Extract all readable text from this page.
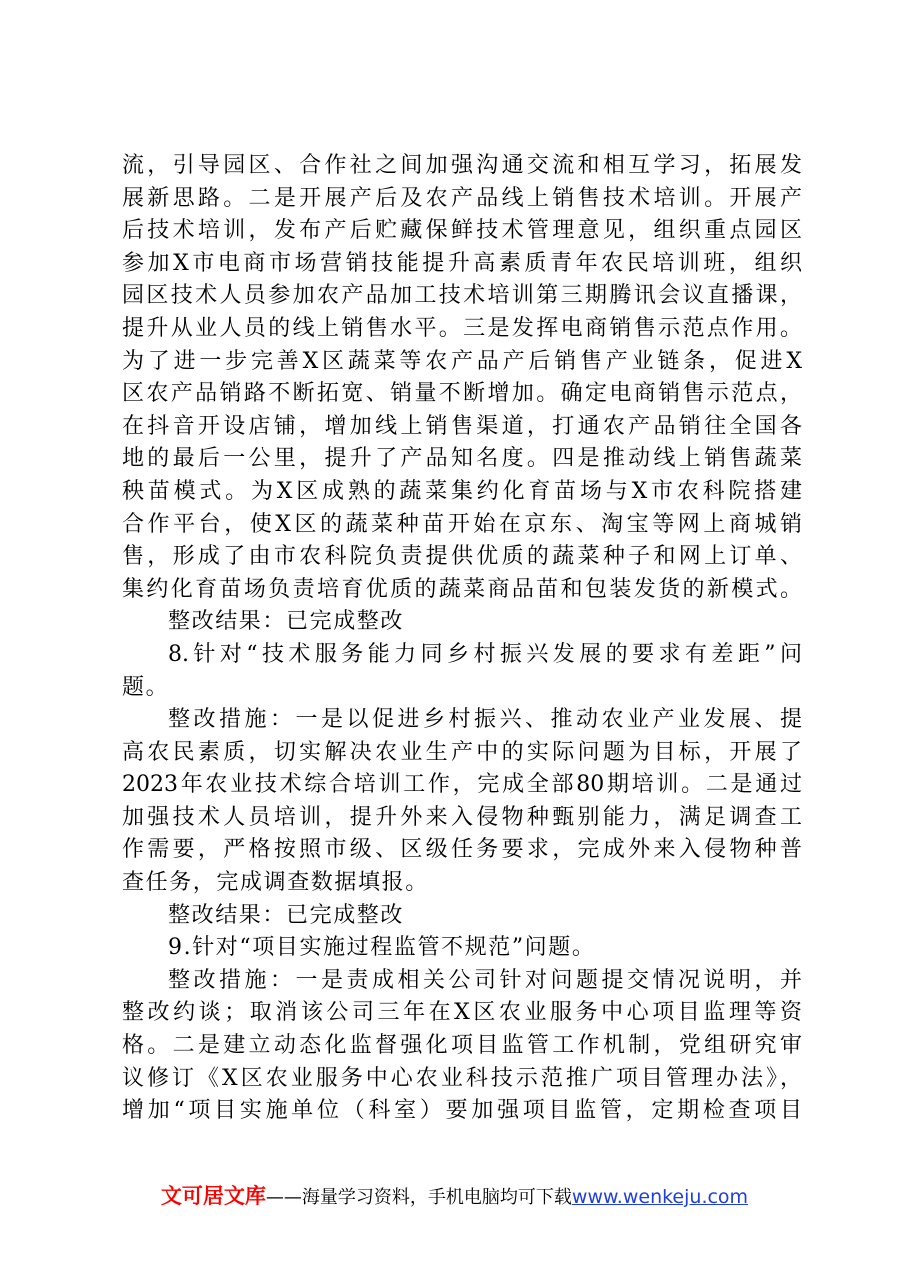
流，引导园区、合作社之间加强沟通交流和相互学习，拓展发
展新思路。二是开展产后及农产品线上销售技术培训。开展产
后技术培训，发布产后贮藏保鲜技术管理意见，组织重点园区
参加X市电商市场营销技能提升高素质青年农民培训班，组织
园区技术人员参加农产品加工技术培训第三期腾讯会议直播课，
提升从业人员的线上销售水平。三是发挥电商销售示范点作用。
为了进一步完善X区蔬菜等农产品产后销售产业链条，促进X
区农产品销路不断拓宽、销量不断增加。确定电商销售示范点，
在抖音开设店铺，增加线上销售渠道，打通农产品销往全国各
地的最后一公里，提升了产品知名度。四是推动线上销售蔬菜
秧苗模式。为X区成熟的蔬菜集约化育苗场与X市农科院搭建
合作平台，使X区的蔬菜种苗开始在京东、淘宝等网上商城销
售，形成了由市农科院负责提供优质的蔬菜种子和网上订单、
集约化育苗场负责培育优质的蔬菜商品苗和包装发货的新模式。
整改结果：已完成整改
8.针对“技术服务能力同乡村振兴发展的要求有差距”问
题。
整改措施：一是以促进乡村振兴、推动农业产业发展、提
高农民素质，切实解决农业生产中的实际问题为目标，开展了
2023年农业技术综合培训工作，完成全部80期培训。二是通过
加强技术人员培训，提升外来入侵物种甄别能力，满足调查工
作需要，严格按照市级、区级任务要求，完成外来入侵物种普
查任务，完成调查数据填报。
整改结果：已完成整改
9.针对“项目实施过程监管不规范”问题。
整改措施：一是责成相关公司针对问题提交情况说明，并
整改约谈；取消该公司三年在X区农业服务中心项目监理等资
格。二是建立动态化监督强化项目监管工作机制，党组研究审
议修订《X区农业服务中心农业科技示范推广项目管理办法》，
增加“项目实施单位（科室）要加强项目监管，定期检查项目
文可居文库——海量学习资料，手机电脑均可下载www.wenkeju.com
